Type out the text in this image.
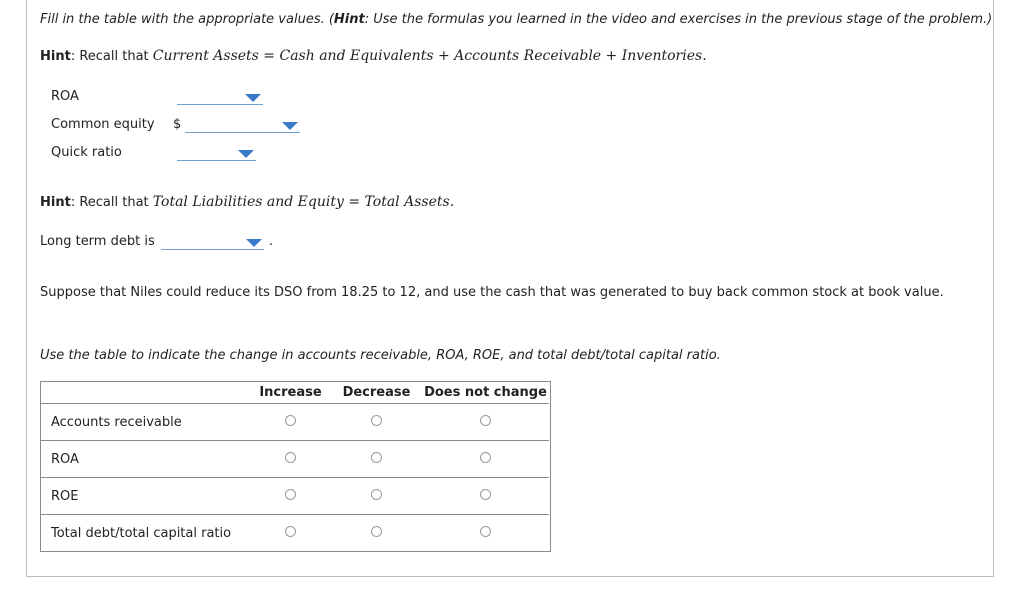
Fill in the table with the appropriate values. (Hint: Use the formulas you learned in the video and exercises in the previous stage of the problem.)
Hint: Recall that Current Assets = Cash and Equivalents + Accounts Receivable + Inventories.
ROA
Common equity $
Quick ratio
Hint: Recall that Total Liabilities and Equity = Total Assets.
Long term debt is	.
Suppose that Niles could reduce its DSO from 18.25 to 12, and use the cash that was generated to buy back common stock at book value.
Use the table to indicate the change in accounts receivable, ROA, ROE, and total debt/total capital ratio.
	Increase	Decrease	Does not change
Accounts receivable			
ROA			
ROE			
Total debt/total capital ratio			
